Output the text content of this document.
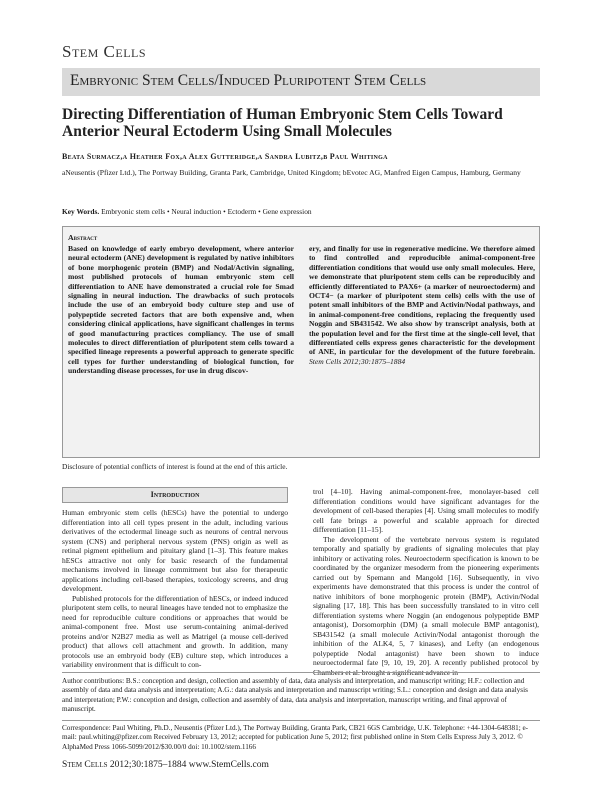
Stem Cells
Embryonic Stem Cells/Induced Pluripotent Stem Cells
Directing Differentiation of Human Embryonic Stem Cells Toward Anterior Neural Ectoderm Using Small Molecules
Beata Surmacz,a Heather Fox,a Alex Gutteridge,a Sandra Lubitz,b Paul Whitinga
aNeusentis (Pfizer Ltd.), The Portway Building, Granta Park, Cambridge, United Kingdom; bEvotec AG, Manfred Eigen Campus, Hamburg, Germany
Key Words. Embryonic stem cells • Neural induction • Ectoderm • Gene expression
Abstract
Based on knowledge of early embryo development, where anterior neural ectoderm (ANE) development is regulated by native inhibitors of bone morphogenic protein (BMP) and Nodal/Activin signaling, most published protocols of human embryonic stem cell differentiation to ANE have demonstrated a crucial role for Smad signaling in neural induction. The drawbacks of such protocols include the use of an embryoid body culture step and use of polypeptide secreted factors that are both expensive and, when considering clinical applications, have significant challenges in terms of good manufacturing practices compliancy. The use of small molecules to direct differentiation of pluripotent stem cells toward a specified lineage represents a powerful approach to generate specific cell types for further understanding of biological function, for understanding disease processes, for use in drug discov-
ery, and finally for use in regenerative medicine. We therefore aimed to find controlled and reproducible animal-component-free differentiation conditions that would use only small molecules. Here, we demonstrate that pluripotent stem cells can be reproducibly and efficiently differentiated to PAX6+ (a marker of neuroectoderm) and OCT4− (a marker of pluripotent stem cells) cells with the use of potent small inhibitors of the BMP and Activin/Nodal pathways, and in animal-component-free conditions, replacing the frequently used Noggin and SB431542. We also show by transcript analysis, both at the population level and for the first time at the single-cell level, that differentiated cells express genes characteristic for the development of ANE, in particular for the development of the future forebrain. Stem Cells 2012;30:1875–1884
Disclosure of potential conflicts of interest is found at the end of this article.
Introduction

Human embryonic stem cells (hESCs) have the potential to undergo differentiation into all cell types present in the adult, including various derivatives of the ectodermal lineage such as neurons of central nervous system (CNS) and peripheral nervous system (PNS) origin as well as retinal pigment epithelium and pituitary gland [1–3]. This feature makes hESCs attractive not only for basic research of the fundamental mechanisms involved in lineage commitment but also for therapeutic applications including cell-based therapies, toxicology screens, and drug development.

Published protocols for the differentiation of hESCs, or indeed induced pluripotent stem cells, to neural lineages have tended not to emphasize the need for reproducible culture conditions or approaches that would be animal-component free. Most use serum-containing animal-derived proteins and/or N2B27 media as well as Matrigel (a mouse cell-derived product) that allows cell attachment and growth. In addition, many protocols use an embryoid body (EB) culture step, which introduces a variability environment that is difficult to con-

trol [4–10]. Having animal-component-free, monolayer-based cell differentiation conditions would have significant advantages for the development of cell-based therapies [4]. Using small molecules to modify cell fate brings a powerful and scalable approach for directed differentiation [11–15].

The development of the vertebrate nervous system is regulated temporally and spatially by gradients of signaling molecules that play inhibitory or activating roles. Neuroectoderm specification is known to be coordinated by the organizer mesoderm from the pioneering experiments carried out by Spemann and Mangold [16]. Subsequently, in vivo experiments have demonstrated that this process is under the control of native inhibitors of bone morphogenic protein (BMP), Activin/Nodal signaling [17, 18]. This has been successfully translated to in vitro cell differentiation systems where Noggin (an endogenous polypeptide BMP antagonist), Dorsomorphin (DM) (a small molecule BMP antagonist), SB431542 (a small molecule Activin/Nodal antagonist thorough the inhibition of the ALK4, 5, 7 kinases), and Lefty (an endogenous polypeptide Nodal antagonist) have been shown to induce neuroectodermal fate [9, 10, 19, 20]. A recently published protocol by Chambers et al. brought a significant advance in

Author contributions: B.S.: conception and design, collection and assembly of data, data analysis and interpretation, and manuscript writing; H.F.: collection and assembly of data and data analysis and interpretation; A.G.: data analysis and interpretation and manuscript writing; S.L.: conception and design and data analysis and interpretation; P.W.: conception and design, collection and assembly of data, data analysis and interpretation, manuscript writing, and final approval of manuscript.
Correspondence: Paul Whiting, Ph.D., Neusentis (Pfizer Ltd.), The Portway Building, Granta Park, CB21 6GS Cambridge, U.K. Telephone: +44-1304-648381; e-mail: paul.whiting@pfizer.com Received February 13, 2012; accepted for publication June 5, 2012; first published online in Stem Cells Express July 3, 2012. © AlphaMed Press 1066-5099/2012/$30.00/0 doi: 10.1002/stem.1166
Stem Cells 2012;30:1875–1884 www.StemCells.com
